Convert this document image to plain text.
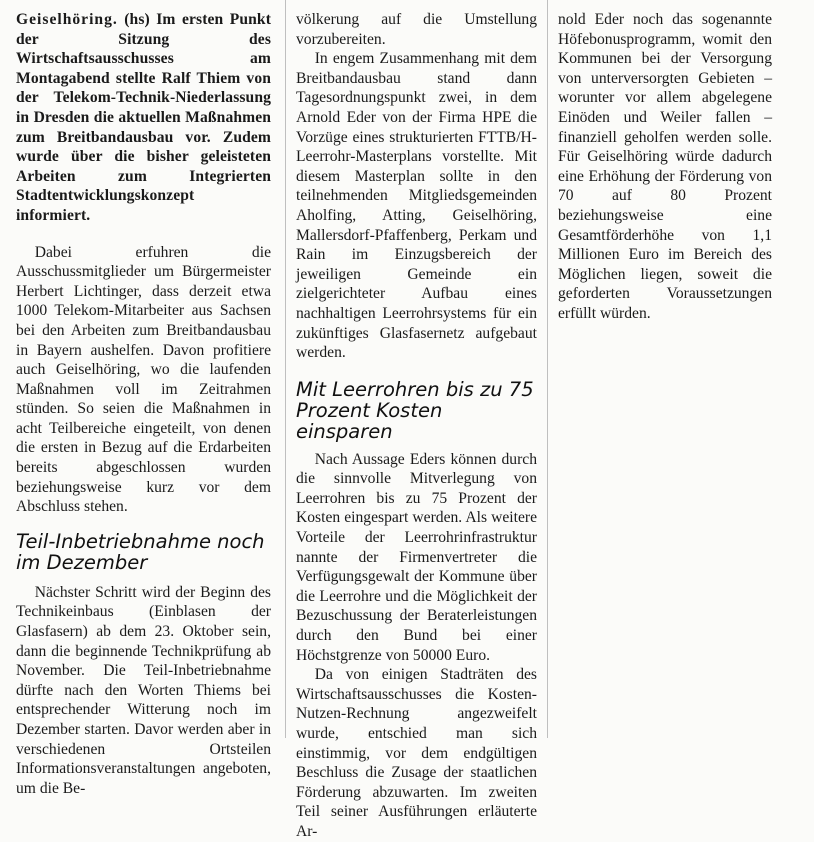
Geiselhöring. (hs) Im ersten Punkt der Sitzung des Wirtschaftsausschusses am Montagabend stellte Ralf Thiem von der Telekom-Technik-Niederlassung in Dresden die aktuellen Maßnahmen zum Breitbandausbau vor. Zudem wurde über die bisher geleisteten Arbeiten zum Integrierten Stadtentwicklungskonzept informiert.

Dabei erfuhren die Ausschussmitglieder um Bürgermeister Herbert Lichtinger, dass derzeit etwa 1000 Telekom-Mitarbeiter aus Sachsen bei den Arbeiten zum Breitbandausbau in Bayern aushelfen. Davon profitiere auch Geiselhöring, wo die laufenden Maßnahmen voll im Zeitrahmen stünden. So seien die Maßnahmen in acht Teilbereiche eingeteilt, von denen die ersten in Bezug auf die Erdarbeiten bereits abgeschlossen wurden beziehungsweise kurz vor dem Abschluss stehen.

Teil-Inbetriebnahme noch im Dezember

Nächster Schritt wird der Beginn des Technikeinbaus (Einblasen der Glasfasern) ab dem 23. Oktober sein, dann die beginnende Technikprüfung ab November. Die Teil-Inbetriebnahme dürfte nach den Worten Thiems bei entsprechender Witterung noch im Dezember starten. Davor werden aber in verschiedenen Ortsteilen Informationsveranstaltungen angeboten, um die Be-

völkerung auf die Umstellung vorzubereiten.

In engem Zusammenhang mit dem Breitbandausbau stand dann Tagesordnungspunkt zwei, in dem Arnold Eder von der Firma HPE die Vorzüge eines strukturierten FTTB/H-Leerrohr-Masterplans vorstellte. Mit diesem Masterplan sollte in den teilnehmenden Mitgliedsgemeinden Aholfing, Atting, Geiselhöring, Mallersdorf-Pfaffenberg, Perkam und Rain im Einzugsbereich der jeweiligen Gemeinde ein zielgerichteter Aufbau eines nachhaltigen Leerrohrsystems für ein zukünftiges Glasfasernetz aufgebaut werden.

Mit Leerrohren bis zu 75 Prozent Kosten einsparen

Nach Aussage Eders können durch die sinnvolle Mitverlegung von Leerrohren bis zu 75 Prozent der Kosten eingespart werden. Als weitere Vorteile der Leerrohrinfrastruktur nannte der Firmenvertreter die Verfügungsgewalt der Kommune über die Leerrohre und die Möglichkeit der Bezuschussung der Beraterleistungen durch den Bund bei einer Höchstgrenze von 50000 Euro.

Da von einigen Stadträten des Wirtschaftsausschusses die Kosten-Nutzen-Rechnung angezweifelt wurde, entschied man sich einstimmig, vor dem endgültigen Beschluss die Zusage der staatlichen Förderung abzuwarten. Im zweiten Teil seiner Ausführungen erläuterte Ar-

nold Eder noch das sogenannte Höfebonusprogramm, womit den Kommunen bei der Versorgung von unterversorgten Gebieten – worunter vor allem abgelegene Einöden und Weiler fallen – finanziell geholfen werden solle. Für Geiselhöring würde dadurch eine Erhöhung der Förderung von 70 auf 80 Prozent beziehungsweise eine Gesamtförderhöhe von 1,1 Millionen Euro im Bereich des Möglichen liegen, soweit die geforderten Voraussetzungen erfüllt würden.
